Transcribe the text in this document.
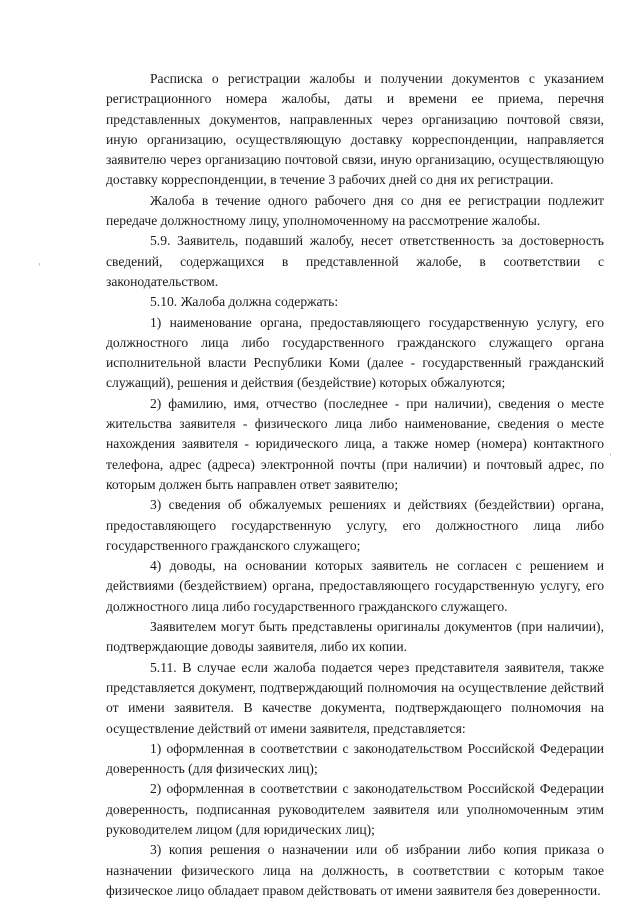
'
'

Расписка о регистрации жалобы и получении документов с указанием регистрационного номера жалобы, даты и времени ее приема, перечня представленных документов, направленных через организацию почтовой связи, иную организацию, осуществляющую доставку корреспонденции, направляется заявителю через организацию почтовой связи, иную организацию, осуществляющую доставку корреспонденции, в течение 3 рабочих дней со дня их регистрации.

Жалоба в течение одного рабочего дня со дня ее регистрации подлежит передаче должностному лицу, уполномоченному на рассмотрение жалобы.

5.9. Заявитель, подавший жалобу, несет ответственность за достоверность сведений, содержащихся в представленной жалобе, в соответствии с законодательством.

5.10. Жалоба должна содержать:

1) наименование органа, предоставляющего государственную услугу, его должностного лица либо государственного гражданского служащего органа исполнительной власти Республики Коми (далее - государственный гражданский служащий), решения и действия (бездействие) которых обжалуются;

2) фамилию, имя, отчество (последнее - при наличии), сведения о месте жительства заявителя - физического лица либо наименование, сведения о месте нахождения заявителя - юридического лица, а также номер (номера) контактного телефона, адрес (адреса) электронной почты (при наличии) и почтовый адрес, по которым должен быть направлен ответ заявителю;

3) сведения об обжалуемых решениях и действиях (бездействии) органа, предоставляющего государственную услугу, его должностного лица либо государственного гражданского служащего;

4) доводы, на основании которых заявитель не согласен с решением и действиями (бездействием) органа, предоставляющего государственную услугу, его должностного лица либо государственного гражданского служащего.

Заявителем могут быть представлены оригиналы документов (при наличии), подтверждающие доводы заявителя, либо их копии.

5.11. В случае если жалоба подается через представителя заявителя, также представляется документ, подтверждающий полномочия на осуществление действий от имени заявителя. В качестве документа, подтверждающего полномочия на осуществление действий от имени заявителя, представляется:

1) оформленная в соответствии с законодательством Российской Федерации доверенность (для физических лиц);

2) оформленная в соответствии с законодательством Российской Федерации доверенность, подписанная руководителем заявителя или уполномоченным этим руководителем лицом (для юридических лиц);

3) копия решения о назначении или об избрании либо копия приказа о назначении физического лица на должность, в соответствии с которым такое физическое лицо обладает правом действовать от имени заявителя без доверенности.
